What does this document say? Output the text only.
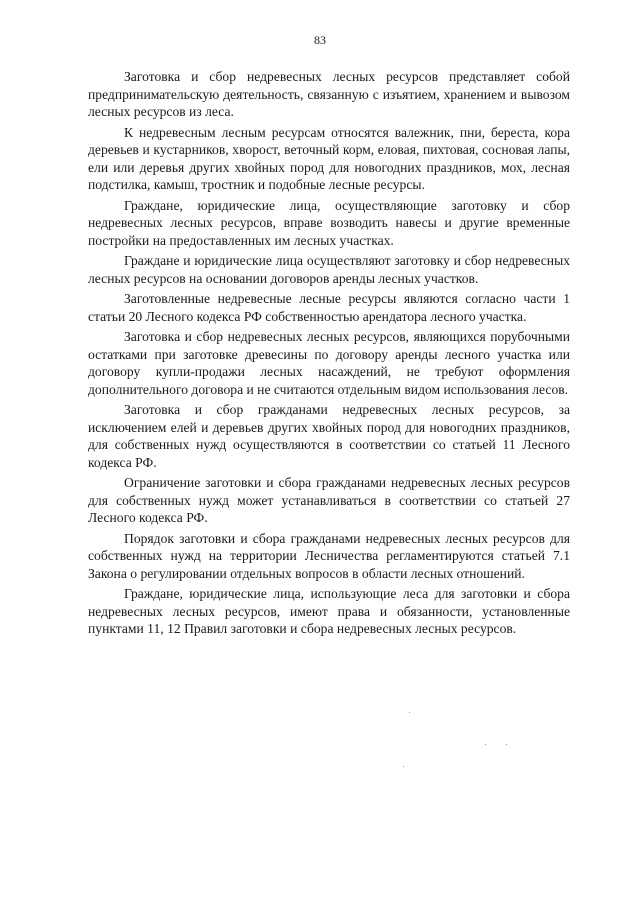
83

Заготовка и сбор недревесных лесных ресурсов представляет собой предпринимательскую деятельность, связанную с изъятием, хранением и вывозом лесных ресурсов из леса.

К недревесным лесным ресурсам относятся валежник, пни, береста, кора деревьев и кустарников, хворост, веточный корм, еловая, пихтовая, сосновая лапы, ели или деревья других хвойных пород для новогодних праздников, мох, лесная подстилка, камыш, тростник и подобные лесные ресурсы.

Граждане, юридические лица, осуществляющие заготовку и сбор недревесных лесных ресурсов, вправе возводить навесы и другие временные постройки на предоставленных им лесных участках.

Граждане и юридические лица осуществляют заготовку и сбор недревесных лесных ресурсов на основании договоров аренды лесных участков.

Заготовленные недревесные лесные ресурсы являются согласно части 1 статьи 20 Лесного кодекса РФ собственностью арендатора лесного участка.

Заготовка и сбор недревесных лесных ресурсов, являющихся порубочными остатками при заготовке древесины по договору аренды лесного участка или договору купли-продажи лесных насаждений, не требуют оформления дополнительного договора и не считаются отдельным видом использования лесов.

Заготовка и сбор гражданами недревесных лесных ресурсов, за исключением елей и деревьев других хвойных пород для новогодних праздников, для собственных нужд осуществляются в соответствии со статьей 11 Лесного кодекса РФ.

Ограничение заготовки и сбора гражданами недревесных лесных ресурсов для собственных нужд может устанавливаться в соответствии со статьей 27 Лесного кодекса РФ.

Порядок заготовки и сбора гражданами недревесных лесных ресурсов для собственных нужд на территории Лесничества регламентируются статьей 7.1 Закона о регулировании отдельных вопросов в области лесных отношений.

Граждане, юридические лица, использующие леса для заготовки и сбора недревесных лесных ресурсов, имеют права и обязанности, установленные пунктами 11, 12 Правил заготовки и сбора недревесных лесных ресурсов.
